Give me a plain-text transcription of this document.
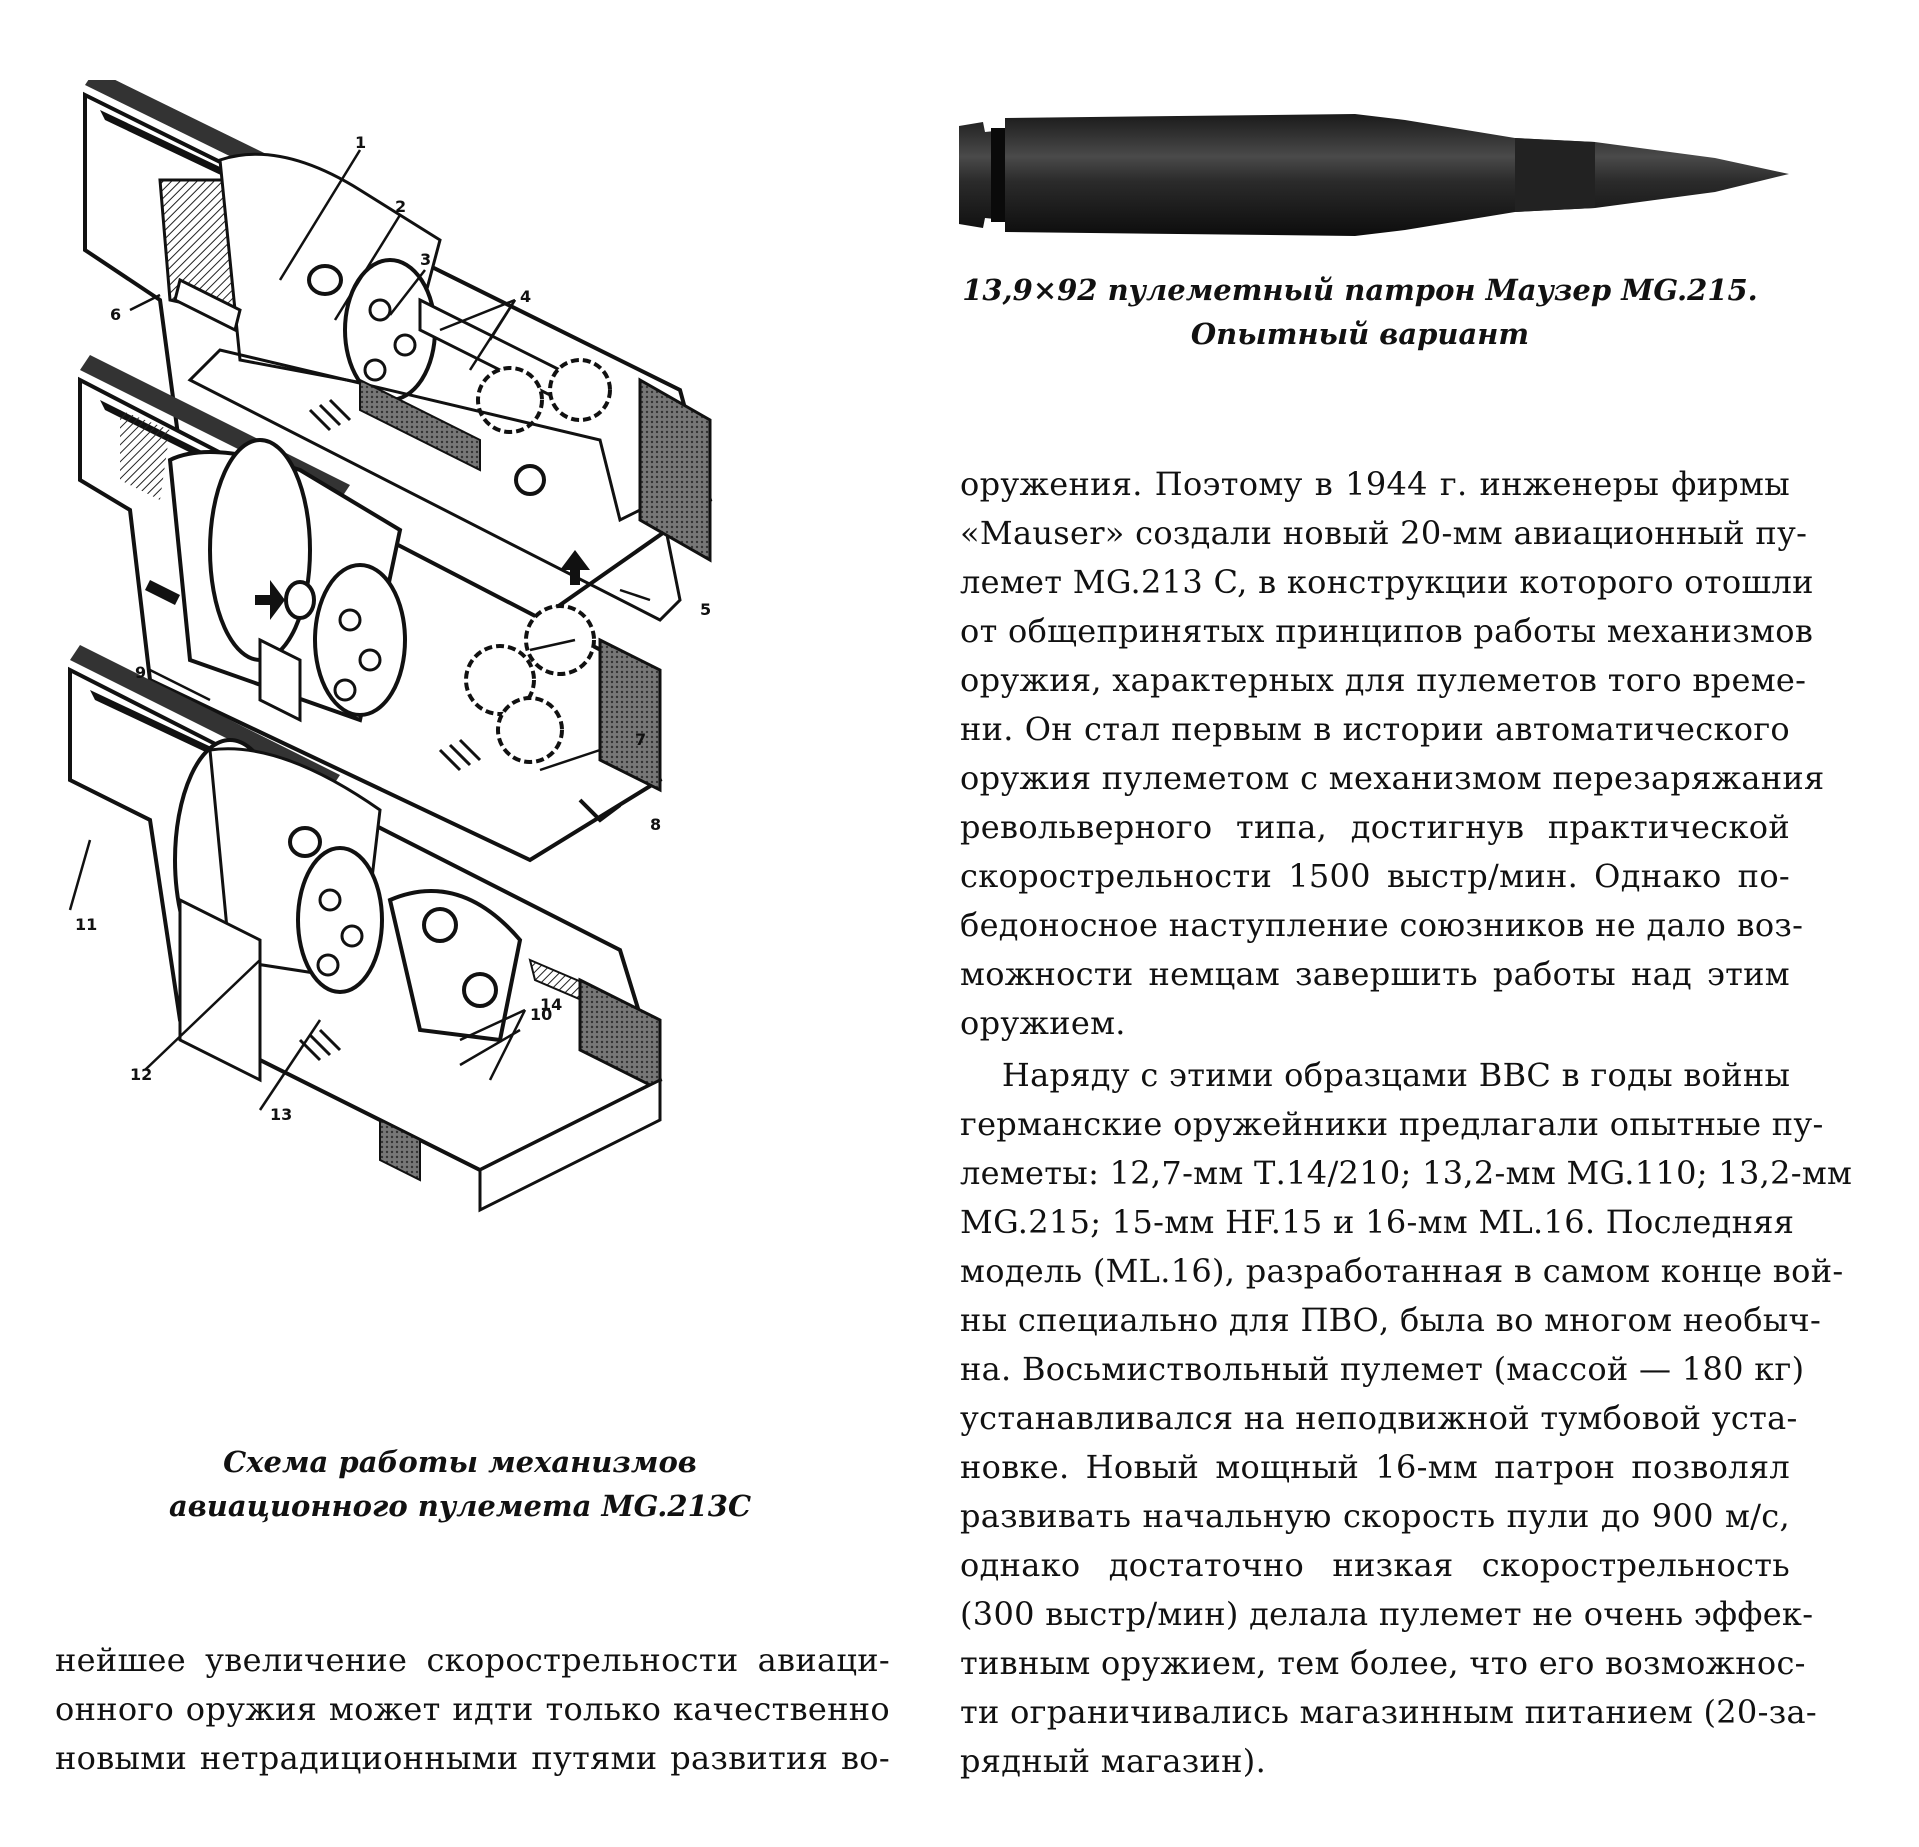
1
2
3
4
5
6
7
8
9
10
11
12
13
14
13,9×92 пулеметный патрон Маузер MG.215.
Опытный вариант
Схема работы механизмов
авиационного пулемета MG.213C
оружения. Поэтому в 1944 г. инженеры фирмы
«Mauser» создали новый 20-мм авиационный пу-
лемет MG.213 C, в конструкции которого отошли
от общепринятых принципов работы механизмов
оружия, характерных для пулеметов того време-
ни. Он стал первым в истории автоматического
оружия пулеметом с механизмом перезаряжания
револьверного типа, достигнув практической
скорострельности 1500 выстр/мин. Однако по-
бедоносное наступление союзников не дало воз-
можности немцам завершить работы над этим
оружием.
Наряду с этими образцами ВВС в годы войны
германские оружейники предлагали опытные пу-
леметы: 12,7-мм Т.14/210; 13,2-мм MG.110; 13,2-мм
MG.215; 15-мм HF.15 и 16-мм ML.16. Последняя
модель (ML.16), разработанная в самом конце вой-
ны специально для ПВО, была во многом необыч-
на. Восьмиствольный пулемет (массой — 180 кг)
устанавливался на неподвижной тумбовой уста-
новке. Новый мощный 16-мм патрон позволял
развивать начальную скорость пули до 900 м/с,
однако достаточно низкая скорострельность
(300 выстр/мин) делала пулемет не очень эффек-
тивным оружием, тем более, что его возможнос-
ти ограничивались магазинным питанием (20-за-
рядный магазин).
нейшее увеличение скорострельности авиаци-
онного оружия может идти только качественно
новыми нетрадиционными путями развития во-
